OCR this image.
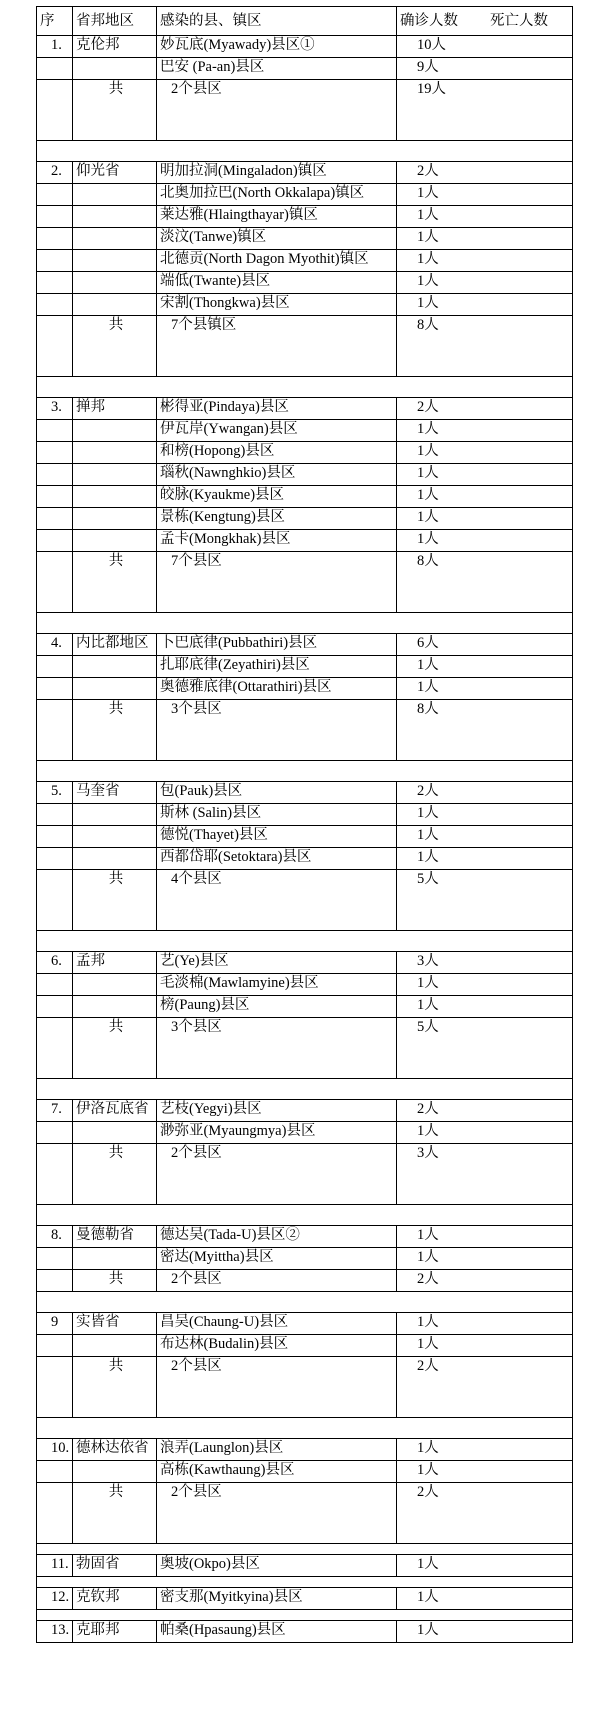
序	省邦地区	感染的县、镇区	确诊人数 死亡人数
1.	克伦邦	妙瓦底(Myawady)县区①	10人
		巴安 (Pa-an)县区	9人
	共	2个县区	19人

2.	仰光省	明加拉洞(Mingaladon)镇区	2人
		北奥加拉巴(North Okkalapa)镇区	1人
		莱达雅(Hlaingthayar)镇区	1人
		淡汶(Tanwe)镇区	1人
		北德贡(North Dagon Myothit)镇区	1人
		端低(Twante)县区	1人
		宋割(Thongkwa)县区	1人
	共	7个县镇区	8人

3.	掸邦	彬得亚(Pindaya)县区	2人
		伊瓦岸(Ywangan)县区	1人
		和榜(Hopong)县区	1人
		瑙秋(Nawnghkio)县区	1人
		皎脉(Kyaukme)县区	1人
		景栋(Kengtung)县区	1人
		孟卡(Mongkhak)县区	1人
	共	7个县区	8人

4.	内比都地区	卜巴底律(Pubbathiri)县区	6人
		扎耶底律(Zeyathiri)县区	1人
		奥德雅底律(Ottarathiri)县区	1人
	共	3个县区	8人

5.	马奎省	包(Pauk)县区	2人
		斯林 (Salin)县区	1人
		德悦(Thayet)县区	1人
		西都岱耶(Setoktara)县区	1人
	共	4个县区	5人

6.	孟邦	艺(Ye)县区	3人
		毛淡棉(Mawlamyine)县区	1人
		榜(Paung)县区	1人
	共	3个县区	5人

7.	伊洛瓦底省	艺枝(Yegyi)县区	2人
		渺弥亚(Myaungmya)县区	1人
	共	2个县区	3人

8.	曼德勒省	德达吴(Tada-U)县区②	1人
		密达(Myittha)县区	1人
	共	2个县区	2人

9	实皆省	昌吴(Chaung-U)县区	1人
		布达林(Budalin)县区	1人
	共	2个县区	2人

10.	德林达依省	浪弄(Launglon)县区	1人
		高栋(Kawthaung)县区	1人
	共	2个县区	2人

11.	勃固省	奥坡(Okpo)县区	1人

12.	克钦邦	密支那(Myitkyina)县区	1人

13.	克耶邦	帕桑(Hpasaung)县区	1人
